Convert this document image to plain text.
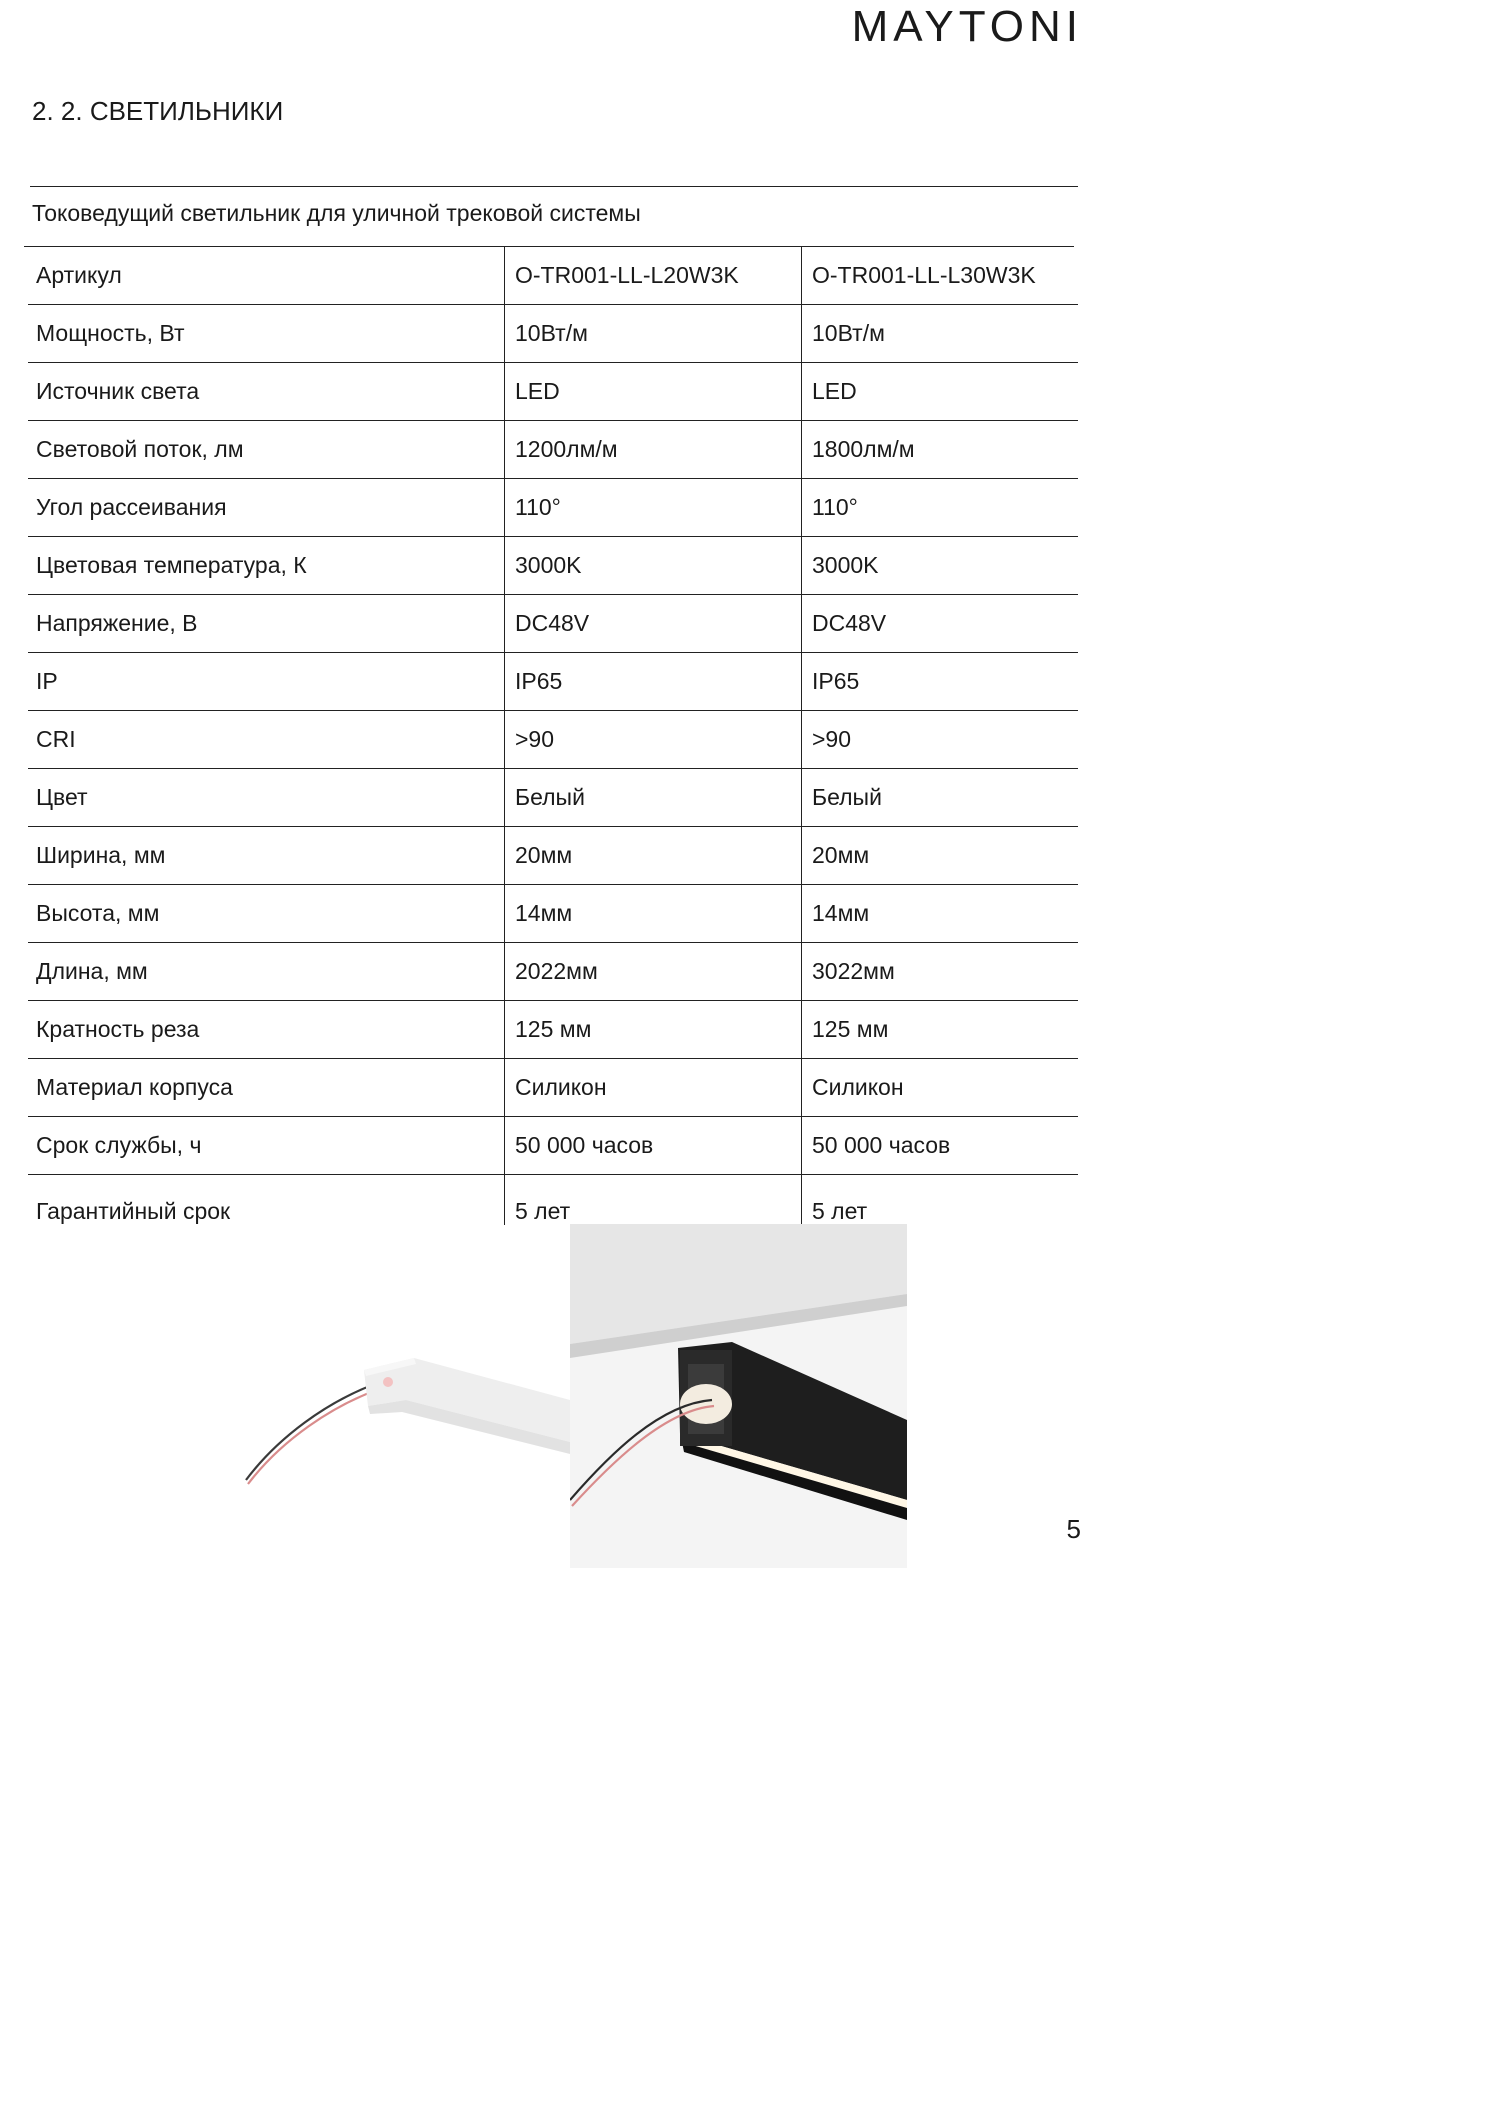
MAYTONI
2. 2. СВЕТИЛЬНИКИ
Токоведущий светильник для уличной трековой системы
Артикул	O-TR001-LL-L20W3K	O-TR001-LL-L30W3K
Мощность, Вт	10Вт/м	10Вт/м
Источник света	LED	LED
Световой поток, лм	1200лм/м	1800лм/м
Угол рассеивания	110°	110°
Цветовая температура, К	3000K	3000K
Напряжение, В	DC48V	DC48V
IP	IP65	IP65
CRI	>90	>90
Цвет	Белый	Белый
Ширина, мм	20мм	20мм
Высота, мм	14мм	14мм
Длина, мм	2022мм	3022мм
Кратность реза	125 мм	125 мм
Материал корпуса	Силикон	Силикон
Срок службы, ч	50 000 часов	50 000 часов
Гарантийный срок	5 лет	5 лет
5
